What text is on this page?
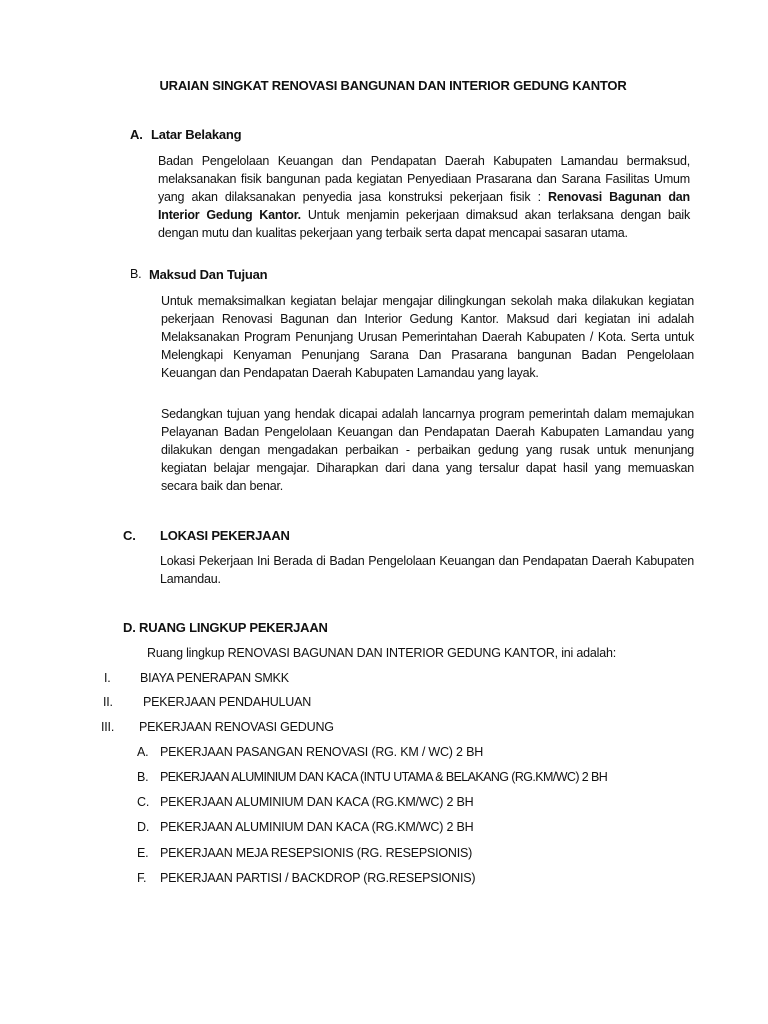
URAIAN SINGKAT RENOVASI BANGUNAN DAN INTERIOR GEDUNG KANTOR
A. Latar Belakang
Badan Pengelolaan Keuangan dan Pendapatan Daerah Kabupaten Lamandau bermaksud, melaksanakan fisik bangunan pada kegiatan Penyediaan Prasarana dan Sarana Fasilitas Umum yang akan dilaksanakan penyedia jasa konstruksi pekerjaan fisik : Renovasi Bagunan dan Interior Gedung Kantor. Untuk menjamin pekerjaan dimaksud akan terlaksana dengan baik dengan mutu dan kualitas pekerjaan yang terbaik serta dapat mencapai sasaran utama.
B. Maksud Dan Tujuan
Untuk memaksimalkan kegiatan belajar mengajar dilingkungan sekolah maka dilakukan kegiatan pekerjaan Renovasi Bagunan dan Interior Gedung Kantor. Maksud dari kegiatan ini adalah Melaksanakan Program Penunjang Urusan Pemerintahan Daerah Kabupaten / Kota. Serta untuk Melengkapi Kenyaman Penunjang Sarana Dan Prasarana bangunan Badan Pengelolaan Keuangan dan Pendapatan Daerah Kabupaten Lamandau yang layak.
Sedangkan tujuan yang hendak dicapai adalah lancarnya program pemerintah dalam memajukan Pelayanan Badan Pengelolaan Keuangan dan Pendapatan Daerah Kabupaten Lamandau yang dilakukan dengan mengadakan perbaikan - perbaikan gedung yang rusak untuk menunjang kegiatan belajar mengajar. Diharapkan dari dana yang tersalur dapat hasil yang memuaskan secara baik dan benar.
C. LOKASI PEKERJAAN
Lokasi Pekerjaan Ini Berada di Badan Pengelolaan Keuangan dan Pendapatan Daerah Kabupaten Lamandau.
D. RUANG LINGKUP PEKERJAAN
Ruang lingkup RENOVASI BAGUNAN DAN INTERIOR GEDUNG KANTOR, ini adalah:
I. BIAYA PENERAPAN SMKK
II. PEKERJAAN PENDAHULUAN
III. PEKERJAAN RENOVASI GEDUNG
A. PEKERJAAN PASANGAN RENOVASI (RG. KM / WC) 2 BH
B. PEKERJAAN ALUMINIUM DAN KACA (INTU UTAMA & BELAKANG (RG.KM/WC) 2 BH
C. PEKERJAAN ALUMINIUM DAN KACA (RG.KM/WC) 2 BH
D. PEKERJAAN ALUMINIUM DAN KACA (RG.KM/WC) 2 BH
E. PEKERJAAN MEJA RESEPSIONIS (RG. RESEPSIONIS)
F. PEKERJAAN PARTISI / BACKDROP (RG.RESEPSIONIS)
